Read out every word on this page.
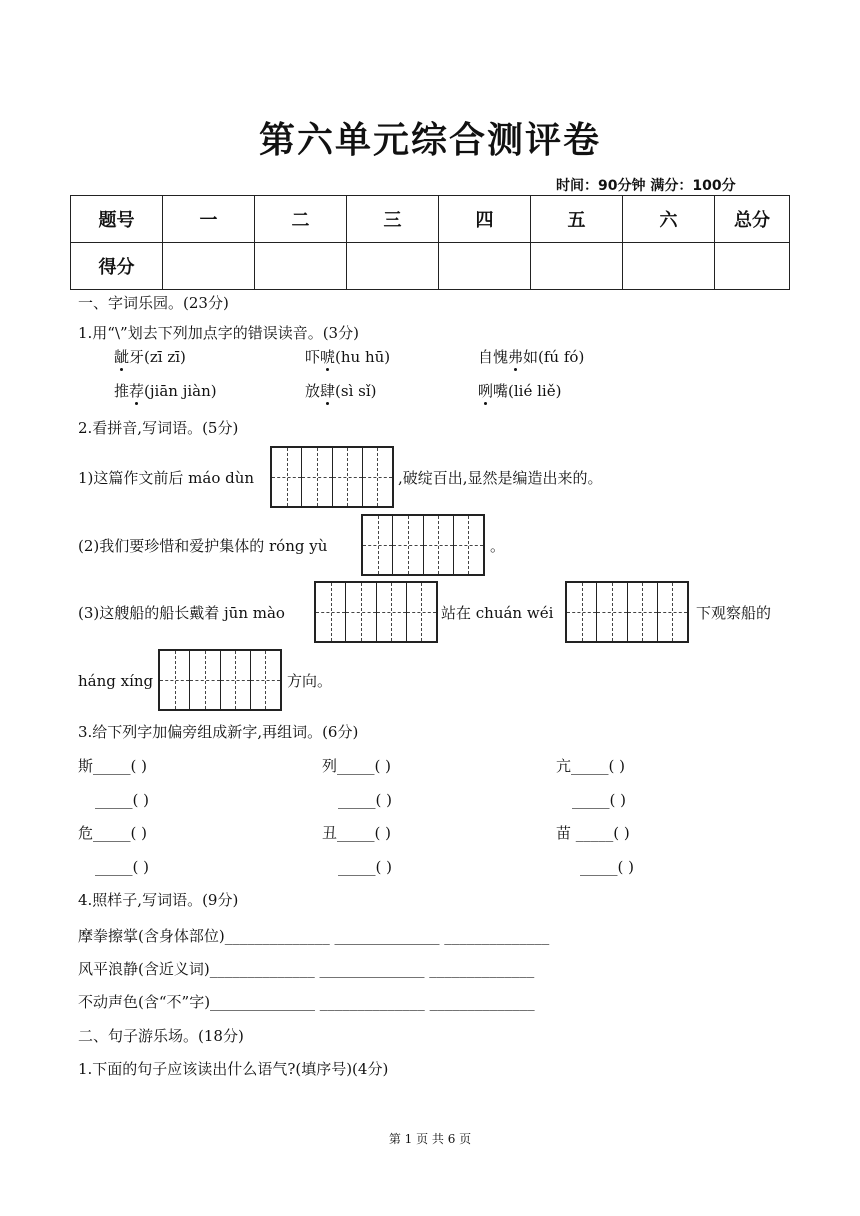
第六单元综合测评卷
时间：90分钟 满分：100分
题号	一	二	三	四	五	六	总分
得分							
一、字词乐园。(23分)
1.用“\”划去下列加点字的错误读音。(3分)
龇牙(zī zī)	吓唬(hu hū)	自愧弗如(fú fó)
推荐(jiān jiàn)	放肆(sì sǐ)	咧嘴(lié liě)
2.看拼音,写词语。(5分)
1)这篇作文前后 máo dùn	,破绽百出,显然是编造出来的。
(2)我们要珍惜和爱护集体的 róng yù	。
(3)这艘船的船长戴着 jūn mào	站在 chuán wéi	下观察船的
háng xíng	方向。
3.给下列字加偏旁组成新字,再组词。(6分)
斯_____( )	列_____( )	亢_____( )
_____( )	_____( )	_____( )
危_____( )	丑_____( )	苗 _____( )
_____( )	_____( )	_____( )
4.照样子,写词语。(9分)
摩拳擦掌(含身体部位)______________ ______________ ______________
风平浪静(含近义词)______________ ______________ ______________
不动声色(含“不”字)______________ ______________ ______________
二、句子游乐场。(18分)
1.下面的句子应该读出什么语气?(填序号)(4分)
第 1 页 共 6 页
